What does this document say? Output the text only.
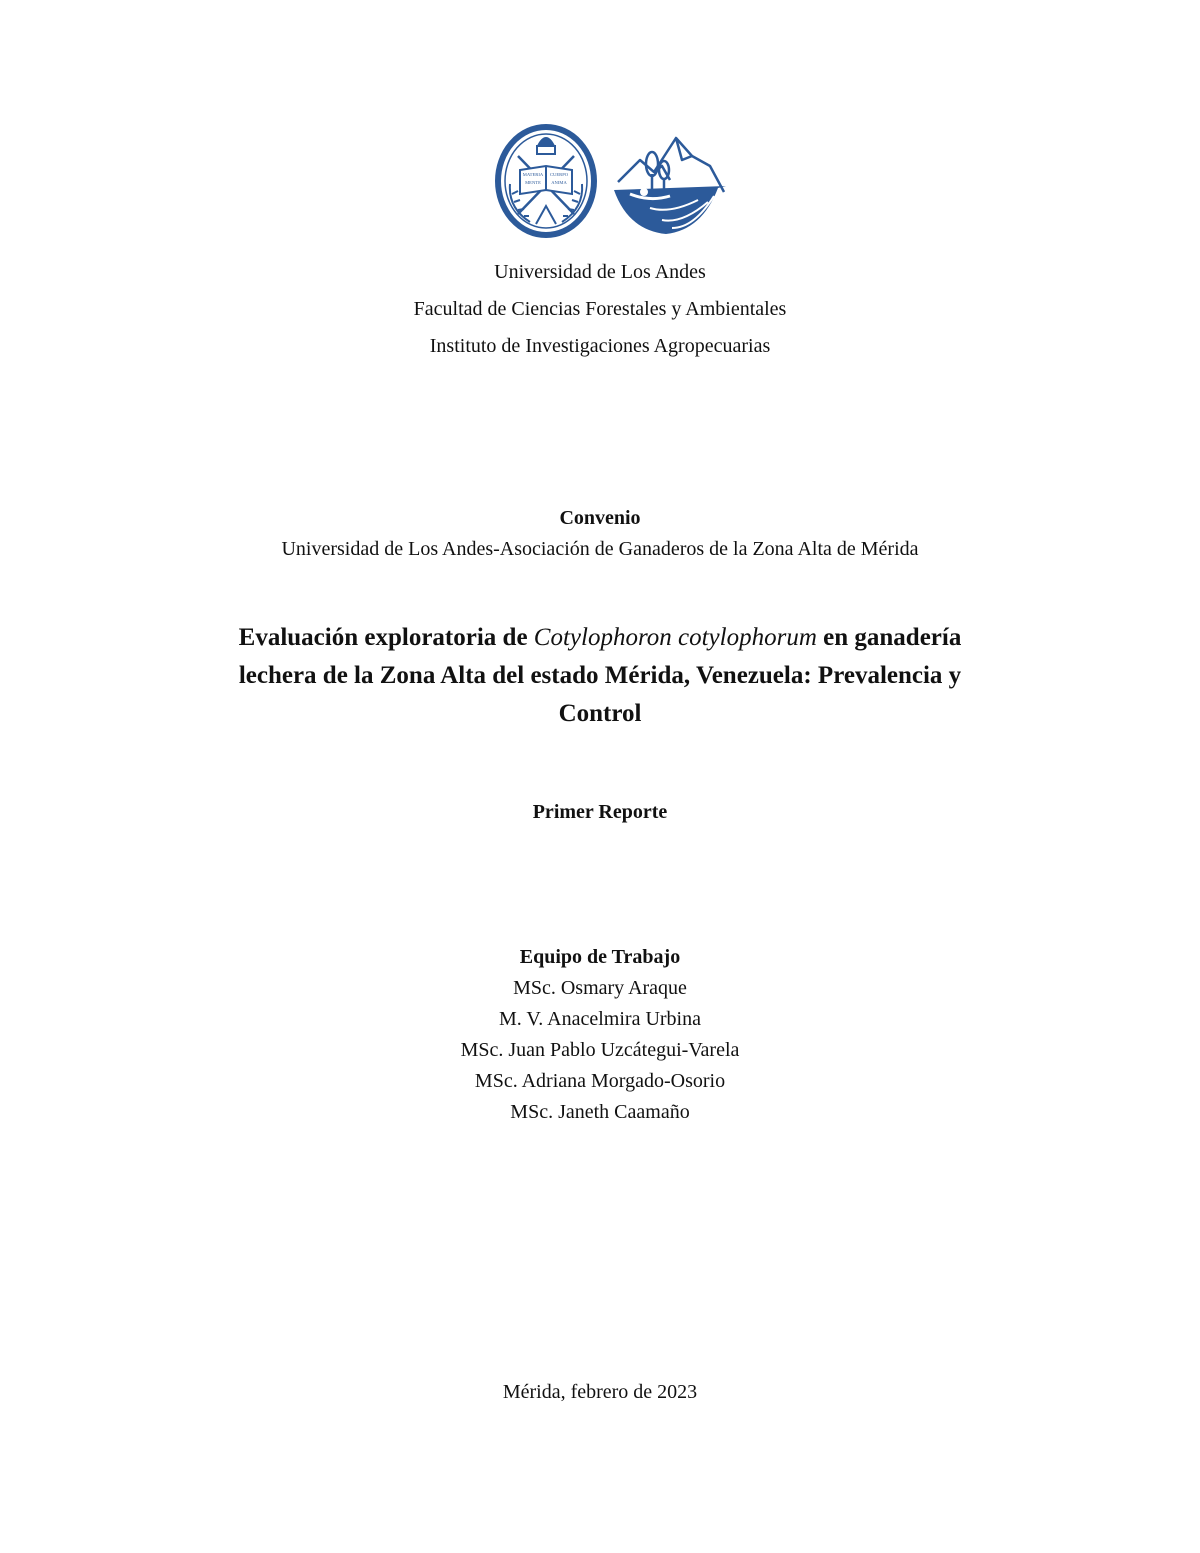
MATERIA CUERPO
MENTE ANIMA
Universidad de Los Andes
Facultad de Ciencias Forestales y Ambientales
Instituto de Investigaciones Agropecuarias
Convenio
Universidad de Los Andes-Asociación de Ganaderos de la Zona Alta de Mérida
Evaluación exploratoria de Cotylophoron cotylophorum en ganadería
lechera de la Zona Alta del estado Mérida, Venezuela: Prevalencia y
Control
Primer Reporte
Equipo de Trabajo
MSc. Osmary Araque
M. V. Anacelmira Urbina
MSc. Juan Pablo Uzcátegui-Varela
MSc. Adriana Morgado-Osorio
MSc. Janeth Caamaño
Mérida, febrero de 2023
